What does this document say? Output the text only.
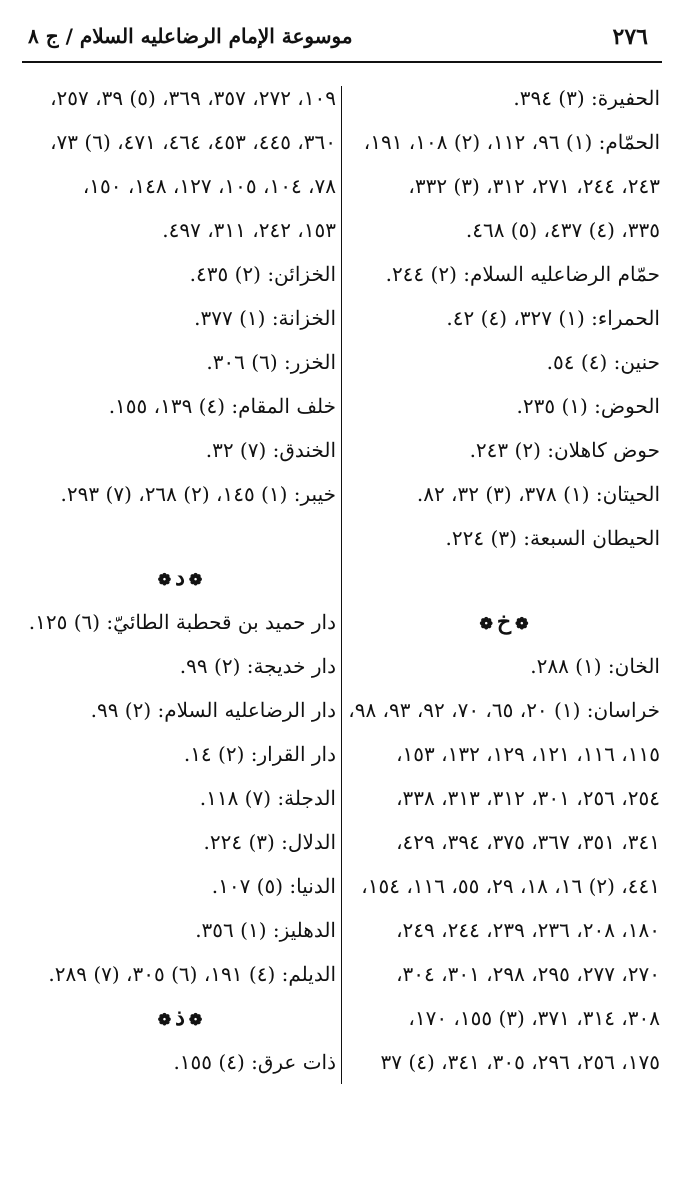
٢٧٦
موسوعة الإمام الرضاعليه السلام / ج ٨
الحفيرة: (٣) ٣٩٤.
الحمّام: (١) ٩٦، ١١٢، (٢) ١٠٨، ١٩١،
٢٤٣، ٢٤٤، ٢٧١، ٣١٢، (٣) ٣٣٢،
٣٣٥، (٤) ٤٣٧، (٥) ٤٦٨.
حمّام الرضاعليه السلام: (٢) ٢٤٤.
الحمراء: (١) ٣٢٧، (٤) ٤٢.
حنين: (٤) ٥٤.
الحوض: (١) ٢٣٥.
حوض كاهلان: (٢) ٢٤٣.
الحيتان: (١) ٣٧٨، (٣) ٣٢، ٨٢.
الحيطان السبعة: (٣) ٢٢٤.
❁خ❁
الخان: (١) ٢٨٨.
خراسان: (١) ٢٠، ٦٥، ٧٠، ٩٢، ٩٣، ٩٨،
١١٥، ١١٦، ١٢١، ١٢٩، ١٣٢، ١٥٣،
٢٥٤، ٢٥٦، ٣٠١، ٣١٢، ٣١٣، ٣٣٨،
٣٤١، ٣٥١، ٣٦٧، ٣٧٥، ٣٩٤، ٤٢٩،
٤٤١، (٢) ١٦، ١٨، ٢٩، ٥٥، ١١٦، ١٥٤،
١٨٠، ٢٠٨، ٢٣٦، ٢٣٩، ٢٤٤، ٢٤٩،
٢٧٠، ٢٧٧، ٢٩٥، ٢٩٨، ٣٠١، ٣٠٤،
٣٠٨، ٣١٤، ٣٧١، (٣) ١٥٥، ١٧٠،
١٧٥، ٢٥٦، ٢٩٦، ٣٠٥، ٣٤١، (٤) ٣٧
١٠٩، ٢٧٢، ٣٥٧، ٣٦٩، (٥) ٣٩، ٢٥٧،
٣٦٠، ٤٤٥، ٤٥٣، ٤٦٤، ٤٧١، (٦) ٧٣،
٧٨، ١٠٤، ١٠٥، ١٢٧، ١٤٨، ١٥٠،
١٥٣، ٢٤٢، ٣١١، ٤٩٧.
الخزائن: (٢) ٤٣٥.
الخزانة: (١) ٣٧٧.
الخزر: (٦) ٣٠٦.
خلف المقام: (٤) ١٣٩، ١٥٥.
الخندق: (٧) ٣٢.
خيبر: (١) ١٤٥، (٢) ٢٦٨، (٧) ٢٩٣.
❁د❁
دار حميد بن قحطبة الطائيّ: (٦) ١٢٥.
دار خديجة: (٢) ٩٩.
دار الرضاعليه السلام: (٢) ٩٩.
دار القرار: (٢) ١٤.
الدجلة: (٧) ١١٨.
الدلال: (٣) ٢٢٤.
الدنيا: (٥) ١٠٧.
الدهليز: (١) ٣٥٦.
الديلم: (٤) ١٩١، (٦) ٣٠٥، (٧) ٢٨٩.
❁ذ❁
ذات عرق: (٤) ١٥٥.
